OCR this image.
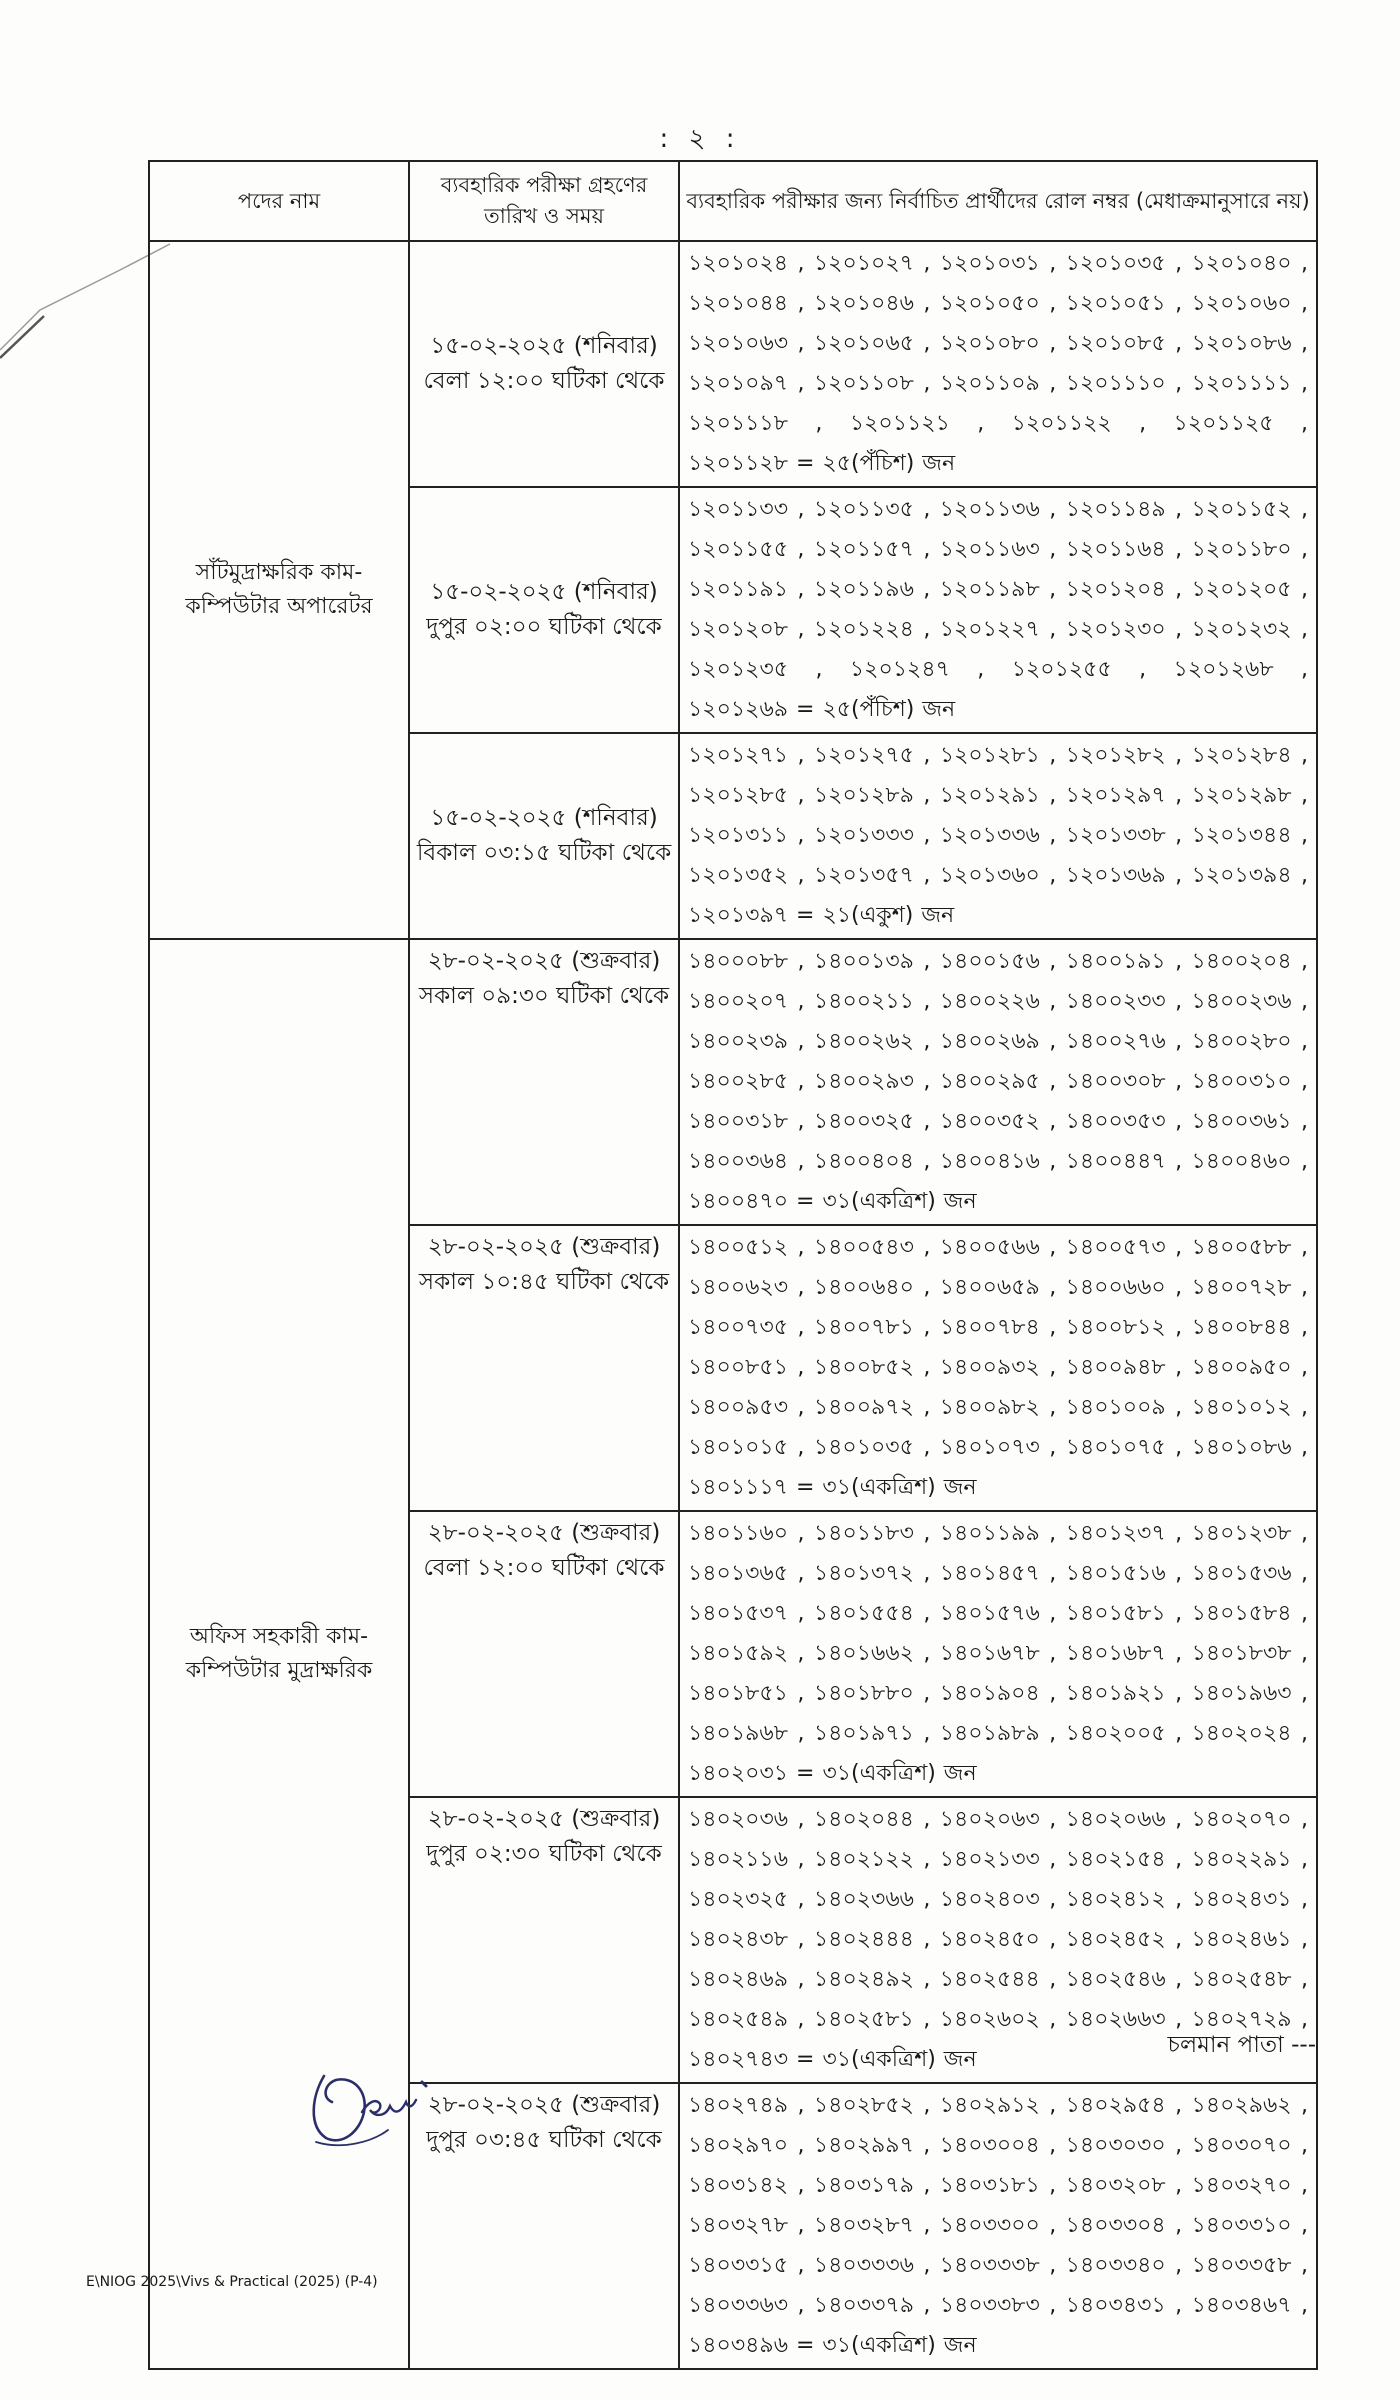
: ২ :
পদের নাম	ব্যবহারিক পরীক্ষা গ্রহণের তারিখ ও সময়	ব্যবহারিক পরীক্ষার জন্য নির্বাচিত প্রার্থীদের রোল নম্বর (মেধাক্রমানুসারে নয়)
সাঁটমুদ্রাক্ষরিক কাম-কম্পিউটার অপারেটর	১৫-০২-২০২৫ (শনিবার) বেলা ১২:০০ ঘটিকা থেকে	১২০১০২৪ , ১২০১০২৭ , ১২০১০৩১ , ১২০১০৩৫ , ১২০১০৪০ , ১২০১০৪৪ , ১২০১০৪৬ , ১২০১০৫০ , ১২০১০৫১ , ১২০১০৬০ , ১২০১০৬৩ , ১২০১০৬৫ , ১২০১০৮০ , ১২০১০৮৫ , ১২০১০৮৬ , ১২০১০৯৭ , ১২০১১০৮ , ১২০১১০৯ , ১২০১১১০ , ১২০১১১১ , ১২০১১১৮ , ১২০১১২১ , ১২০১১২২ , ১২০১১২৫ , ১২০১১২৮ = ২৫(পঁচিশ) জন
	১৫-০২-২০২৫ (শনিবার) দুপুর ০২:০০ ঘটিকা থেকে	১২০১১৩৩ , ১২০১১৩৫ , ১২০১১৩৬ , ১২০১১৪৯ , ১২০১১৫২ , ১২০১১৫৫ , ১২০১১৫৭ , ১২০১১৬৩ , ১২০১১৬৪ , ১২০১১৮০ , ১২০১১৯১ , ১২০১১৯৬ , ১২০১১৯৮ , ১২০১২০৪ , ১২০১২০৫ , ১২০১২০৮ , ১২০১২২৪ , ১২০১২২৭ , ১২০১২৩০ , ১২০১২৩২ , ১২০১২৩৫ , ১২০১২৪৭ , ১২০১২৫৫ , ১২০১২৬৮ , ১২০১২৬৯ = ২৫(পঁচিশ) জন
	১৫-০২-২০২৫ (শনিবার) বিকাল ০৩:১৫ ঘটিকা থেকে	১২০১২৭১ , ১২০১২৭৫ , ১২০১২৮১ , ১২০১২৮২ , ১২০১২৮৪ , ১২০১২৮৫ , ১২০১২৮৯ , ১২০১২৯১ , ১২০১২৯৭ , ১২০১২৯৮ , ১২০১৩১১ , ১২০১৩৩৩ , ১২০১৩৩৬ , ১২০১৩৩৮ , ১২০১৩৪৪ , ১২০১৩৫২ , ১২০১৩৫৭ , ১২০১৩৬০ , ১২০১৩৬৯ , ১২০১৩৯৪ , ১২০১৩৯৭ = ২১(একুশ) জন
অফিস সহকারী কাম-কম্পিউটার মুদ্রাক্ষরিক	২৮-০২-২০২৫ (শুক্রবার) সকাল ০৯:৩০ ঘটিকা থেকে	১৪০০০৮৮ , ১৪০০১৩৯ , ১৪০০১৫৬ , ১৪০০১৯১ , ১৪০০২০৪ , ১৪০০২০৭ , ১৪০০২১১ , ১৪০০২২৬ , ১৪০০২৩৩ , ১৪০০২৩৬ , ১৪০০২৩৯ , ১৪০০২৬২ , ১৪০০২৬৯ , ১৪০০২৭৬ , ১৪০০২৮০ , ১৪০০২৮৫ , ১৪০০২৯৩ , ১৪০০২৯৫ , ১৪০০৩০৮ , ১৪০০৩১০ , ১৪০০৩১৮ , ১৪০০৩২৫ , ১৪০০৩৫২ , ১৪০০৩৫৩ , ১৪০০৩৬১ , ১৪০০৩৬৪ , ১৪০০৪০৪ , ১৪০০৪১৬ , ১৪০০৪৪৭ , ১৪০০৪৬০ , ১৪০০৪৭০ = ৩১(একত্রিশ) জন
	২৮-০২-২০২৫ (শুক্রবার) সকাল ১০:৪৫ ঘটিকা থেকে	১৪০০৫১২ , ১৪০০৫৪৩ , ১৪০০৫৬৬ , ১৪০০৫৭৩ , ১৪০০৫৮৮ , ১৪০০৬২৩ , ১৪০০৬৪০ , ১৪০০৬৫৯ , ১৪০০৬৬০ , ১৪০০৭২৮ , ১৪০০৭৩৫ , ১৪০০৭৮১ , ১৪০০৭৮৪ , ১৪০০৮১২ , ১৪০০৮৪৪ , ১৪০০৮৫১ , ১৪০০৮৫২ , ১৪০০৯৩২ , ১৪০০৯৪৮ , ১৪০০৯৫০ , ১৪০০৯৫৩ , ১৪০০৯৭২ , ১৪০০৯৮২ , ১৪০১০০৯ , ১৪০১০১২ , ১৪০১০১৫ , ১৪০১০৩৫ , ১৪০১০৭৩ , ১৪০১০৭৫ , ১৪০১০৮৬ , ১৪০১১১৭ = ৩১(একত্রিশ) জন
	২৮-০২-২০২৫ (শুক্রবার) বেলা ১২:০০ ঘটিকা থেকে	১৪০১১৬০ , ১৪০১১৮৩ , ১৪০১১৯৯ , ১৪০১২৩৭ , ১৪০১২৩৮ , ১৪০১৩৬৫ , ১৪০১৩৭২ , ১৪০১৪৫৭ , ১৪০১৫১৬ , ১৪০১৫৩৬ , ১৪০১৫৩৭ , ১৪০১৫৫৪ , ১৪০১৫৭৬ , ১৪০১৫৮১ , ১৪০১৫৮৪ , ১৪০১৫৯২ , ১৪০১৬৬২ , ১৪০১৬৭৮ , ১৪০১৬৮৭ , ১৪০১৮৩৮ , ১৪০১৮৫১ , ১৪০১৮৮০ , ১৪০১৯০৪ , ১৪০১৯২১ , ১৪০১৯৬৩ , ১৪০১৯৬৮ , ১৪০১৯৭১ , ১৪০১৯৮৯ , ১৪০২০০৫ , ১৪০২০২৪ , ১৪০২০৩১ = ৩১(একত্রিশ) জন
	২৮-০২-২০২৫ (শুক্রবার) দুপুর ০২:৩০ ঘটিকা থেকে	১৪০২০৩৬ , ১৪০২০৪৪ , ১৪০২০৬৩ , ১৪০২০৬৬ , ১৪০২০৭০ , ১৪০২১১৬ , ১৪০২১২২ , ১৪০২১৩৩ , ১৪০২১৫৪ , ১৪০২২৯১ , ১৪০২৩২৫ , ১৪০২৩৬৬ , ১৪০২৪০৩ , ১৪০২৪১২ , ১৪০২৪৩১ , ১৪০২৪৩৮ , ১৪০২৪৪৪ , ১৪০২৪৫০ , ১৪০২৪৫২ , ১৪০২৪৬১ , ১৪০২৪৬৯ , ১৪০২৪৯২ , ১৪০২৫৪৪ , ১৪০২৫৪৬ , ১৪০২৫৪৮ , ১৪০২৫৪৯ , ১৪০২৫৮১ , ১৪০২৬০২ , ১৪০২৬৬৩ , ১৪০২৭২৯ , ১৪০২৭৪৩ = ৩১(একত্রিশ) জন
	২৮-০২-২০২৫ (শুক্রবার) দুপুর ০৩:৪৫ ঘটিকা থেকে	১৪০২৭৪৯ , ১৪০২৮৫২ , ১৪০২৯১২ , ১৪০২৯৫৪ , ১৪০২৯৬২ , ১৪০২৯৭০ , ১৪০২৯৯৭ , ১৪০৩০০৪ , ১৪০৩০৩০ , ১৪০৩০৭০ , ১৪০৩১৪২ , ১৪০৩১৭৯ , ১৪০৩১৮১ , ১৪০৩২০৮ , ১৪০৩২৭০ , ১৪০৩২৭৮ , ১৪০৩২৮৭ , ১৪০৩৩০০ , ১৪০৩৩০৪ , ১৪০৩৩১০ , ১৪০৩৩১৫ , ১৪০৩৩৩৬ , ১৪০৩৩৩৮ , ১৪০৩৩৪০ , ১৪০৩৩৫৮ , ১৪০৩৩৬৩ , ১৪০৩৩৭৯ , ১৪০৩৩৮৩ , ১৪০৩৪৩১ , ১৪০৩৪৬৭ , ১৪০৩৪৯৬ = ৩১(একত্রিশ) জন
চলমান পাতা ---
E\NIOG 2025\Vivs & Practical (2025) (P-4)
